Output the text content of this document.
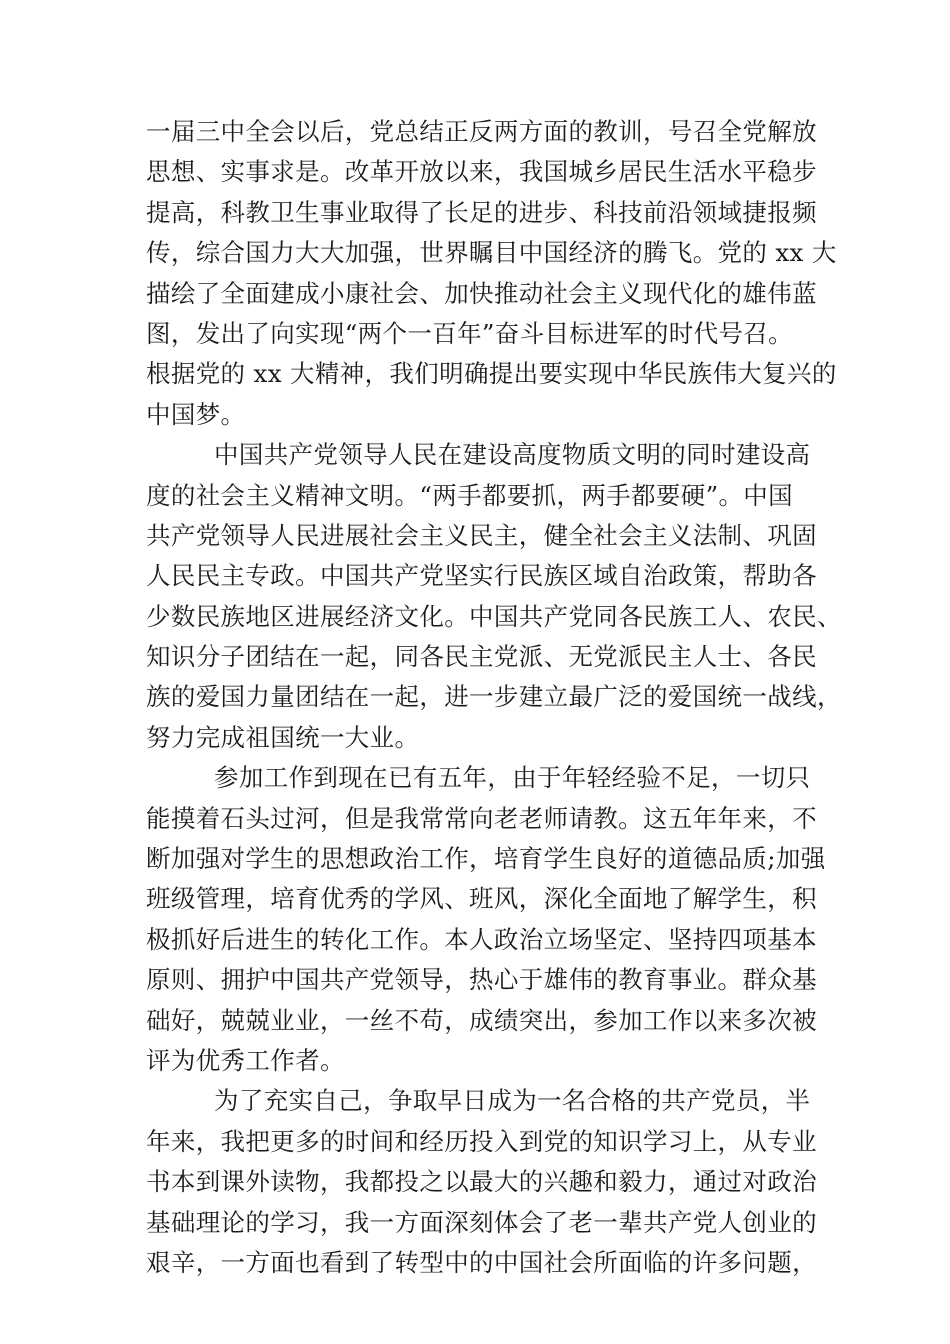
一届三中全会以后，党总结正反两方面的教训，号召全党解放
思想、实事求是。改革开放以来，我国城乡居民生活水平稳步
提高，科教卫生事业取得了长足的进步、科技前沿领域捷报频
传，综合国力大大加强，世界瞩目中国经济的腾飞。党的 xx 大
描绘了全面建成小康社会、加快推动社会主义现代化的雄伟蓝
图，发出了向实现“两个一百年”奋斗目标进军的时代号召。
根据党的 xx 大精神，我们明确提出要实现中华民族伟大复兴的
中国梦。
中国共产党领导人民在建设高度物质文明的同时建设高
度的社会主义精神文明。“两手都要抓，两手都要硬”。中国
共产党领导人民进展社会主义民主，健全社会主义法制、巩固
人民民主专政。中国共产党坚实行民族区域自治政策，帮助各
少数民族地区进展经济文化。中国共产党同各民族工人、农民、
知识分子团结在一起，同各民主党派、无党派民主人士、各民
族的爱国力量团结在一起，进一步建立最广泛的爱国统一战线，
努力完成祖国统一大业。
参加工作到现在已有五年，由于年轻经验不足，一切只
能摸着石头过河，但是我常常向老老师请教。这五年年来，不
断加强对学生的思想政治工作，培育学生良好的道德品质;加强
班级管理，培育优秀的学风、班风，深化全面地了解学生，积
极抓好后进生的转化工作。本人政治立场坚定、坚持四项基本
原则、拥护中国共产党领导，热心于雄伟的教育事业。群众基
础好，兢兢业业，一丝不苟，成绩突出，参加工作以来多次被
评为优秀工作者。
为了充实自己，争取早日成为一名合格的共产党员，半
年来，我把更多的时间和经历投入到党的知识学习上，从专业
书本到课外读物，我都投之以最大的兴趣和毅力，通过对政治
基础理论的学习，我一方面深刻体会了老一辈共产党人创业的
艰辛，一方面也看到了转型中的中国社会所面临的许多问题，
